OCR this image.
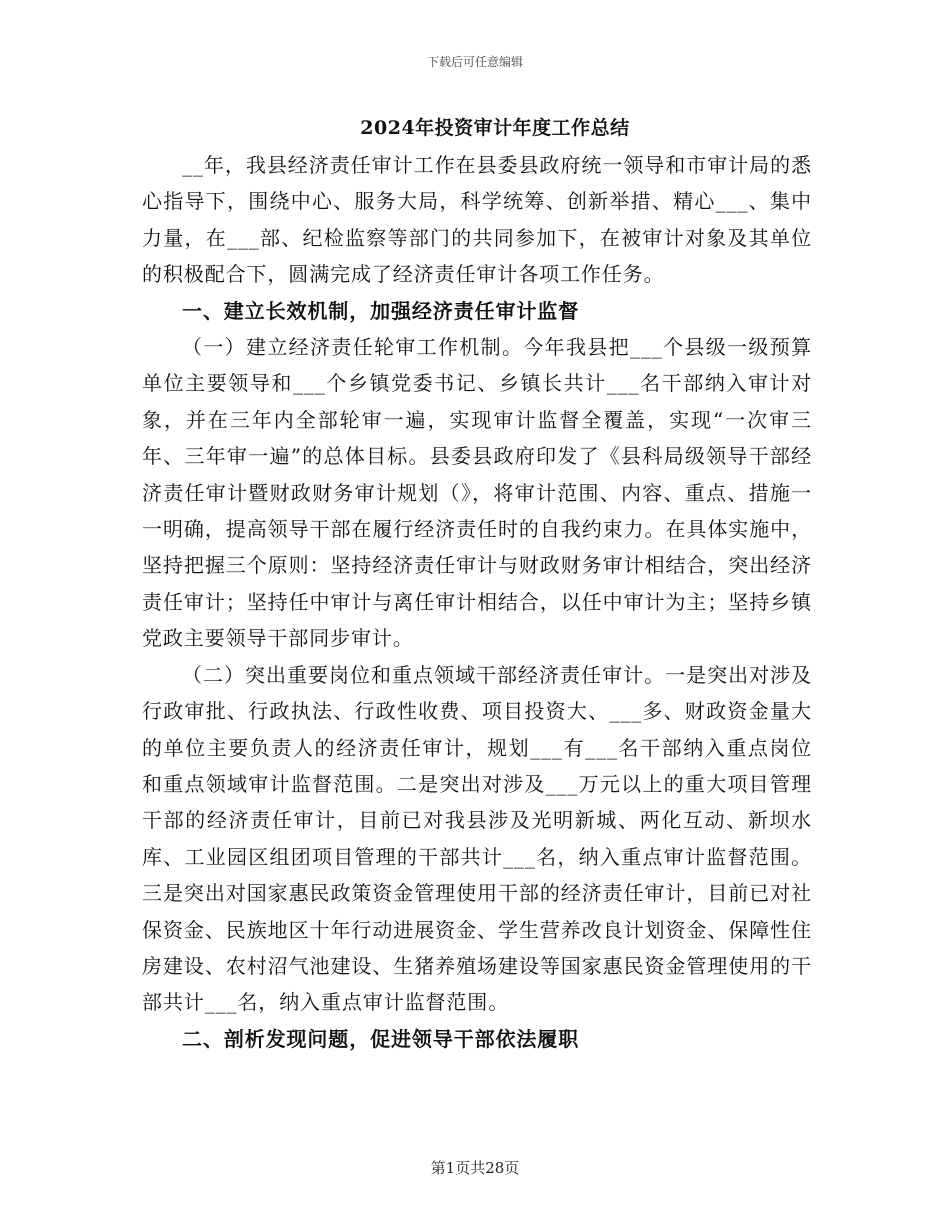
下载后可任意编辑
2024年投资审计年度工作总结

__年，我县经济责任审计工作在县委县政府统一领导和市审计局的悉心指导下，围绕中心、服务大局，科学统筹、创新举措、精心___、集中力量，在___部、纪检监察等部门的共同参加下，在被审计对象及其单位的积极配合下，圆满完成了经济责任审计各项工作任务。

一、建立长效机制，加强经济责任审计监督

（一）建立经济责任轮审工作机制。今年我县把___个县级一级预算单位主要领导和___个乡镇党委书记、乡镇长共计___名干部纳入审计对象，并在三年内全部轮审一遍，实现审计监督全覆盖，实现“一次审三年、三年审一遍”的总体目标。县委县政府印发了《县科局级领导干部经济责任审计暨财政财务审计规划（》，将审计范围、内容、重点、措施一一明确，提高领导干部在履行经济责任时的自我约束力。在具体实施中，坚持把握三个原则：坚持经济责任审计与财政财务审计相结合，突出经济责任审计；坚持任中审计与离任审计相结合，以任中审计为主；坚持乡镇党政主要领导干部同步审计。

（二）突出重要岗位和重点领域干部经济责任审计。一是突出对涉及行政审批、行政执法、行政性收费、项目投资大、___多、财政资金量大的单位主要负责人的经济责任审计，规划___有___名干部纳入重点岗位和重点领域审计监督范围。二是突出对涉及___万元以上的重大项目管理干部的经济责任审计，目前已对我县涉及光明新城、两化互动、新坝水库、工业园区组团项目管理的干部共计___名，纳入重点审计监督范围。三是突出对国家惠民政策资金管理使用干部的经济责任审计，目前已对社保资金、民族地区十年行动进展资金、学生营养改良计划资金、保障性住房建设、农村沼气池建设、生猪养殖场建设等国家惠民资金管理使用的干部共计___名，纳入重点审计监督范围。

二、剖析发现问题，促进领导干部依法履职

第1页共28页
